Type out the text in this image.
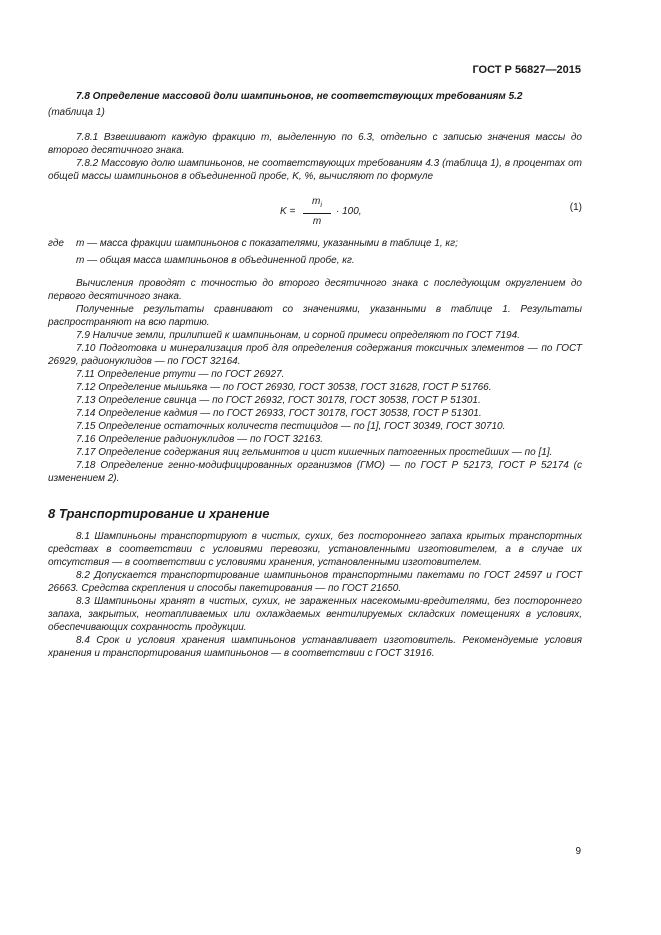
ГОСТ Р 56827—2015

7.8 Определение массовой доли шампиньонов, не соответствующих требованиям 5.2

(таблица 1)

7.8.1 Взвешивают каждую фракцию m, выделенную по 6.3, отдельно с записью значения массы до второго десятичного знака.

7.8.2 Массовую долю шампиньонов, не соответствующих требованиям 4.3 (таблица 1), в процентах от общей массы шампиньонов в объединенной пробе, K, %, вычисляют по формуле

$K = \frac{m_i}{m} \cdot 100$,	(1)
где	m — масса фракции шампиньонов с показателями, указанными в таблице 1, кг;

m — общая масса шампиньонов в объединенной пробе, кг.

Вычисления проводят с точностью до второго десятичного знака с последующим округлением до первого десятичного знака.

Полученные результаты сравнивают со значениями, указанными в таблице 1. Результаты распространяют на всю партию.

7.9 Наличие земли, прилипшей к шампиньонам, и сорной примеси определяют по ГОСТ 7194.

7.10 Подготовка и минерализация проб для определения содержания токсичных элементов — по ГОСТ 26929, радионуклидов — по ГОСТ 32164.

7.11 Определение ртути — по ГОСТ 26927.

7.12 Определение мышьяка — по ГОСТ 26930, ГОСТ 30538, ГОСТ 31628, ГОСТ Р 51766.

7.13 Определение свинца — по ГОСТ 26932, ГОСТ 30178, ГОСТ 30538, ГОСТ Р 51301.

7.14 Определение кадмия — по ГОСТ 26933, ГОСТ 30178, ГОСТ 30538, ГОСТ Р 51301.

7.15 Определение остаточных количеств пестицидов — по [1], ГОСТ 30349, ГОСТ 30710.

7.16 Определение радионуклидов — по ГОСТ 32163.

7.17 Определение содержания яиц гельминтов и цист кишечных патогенных простейших — по [1].

7.18 Определение генно-модифицированных организмов (ГМО) — по ГОСТ Р 52173, ГОСТ Р 52174 (с изменением 2).

8 Транспортирование и хранение

8.1 Шампиньоны транспортируют в чистых, сухих, без постороннего запаха крытых транспортных средствах в соответствии с условиями перевозки, установленными изготовителем, а в случае их отсутствия — в соответствии с условиями хранения, установленными изготовителем.

8.2 Допускается транспортирование шампиньонов транспортными пакетами по ГОСТ 24597 и ГОСТ 26663. Средства скрепления и способы пакетирования — по ГОСТ 21650.

8.3 Шампиньоны хранят в чистых, сухих, не зараженных насекомыми-вредителями, без постороннего запаха, закрытых, неотапливаемых или охлаждаемых вентилируемых складских помещениях в условиях, обеспечивающих сохранность продукции.

8.4 Срок и условия хранения шампиньонов устанавливает изготовитель. Рекомендуемые условия хранения и транспортирования шампиньонов — в соответствии с ГОСТ 31916.

9
